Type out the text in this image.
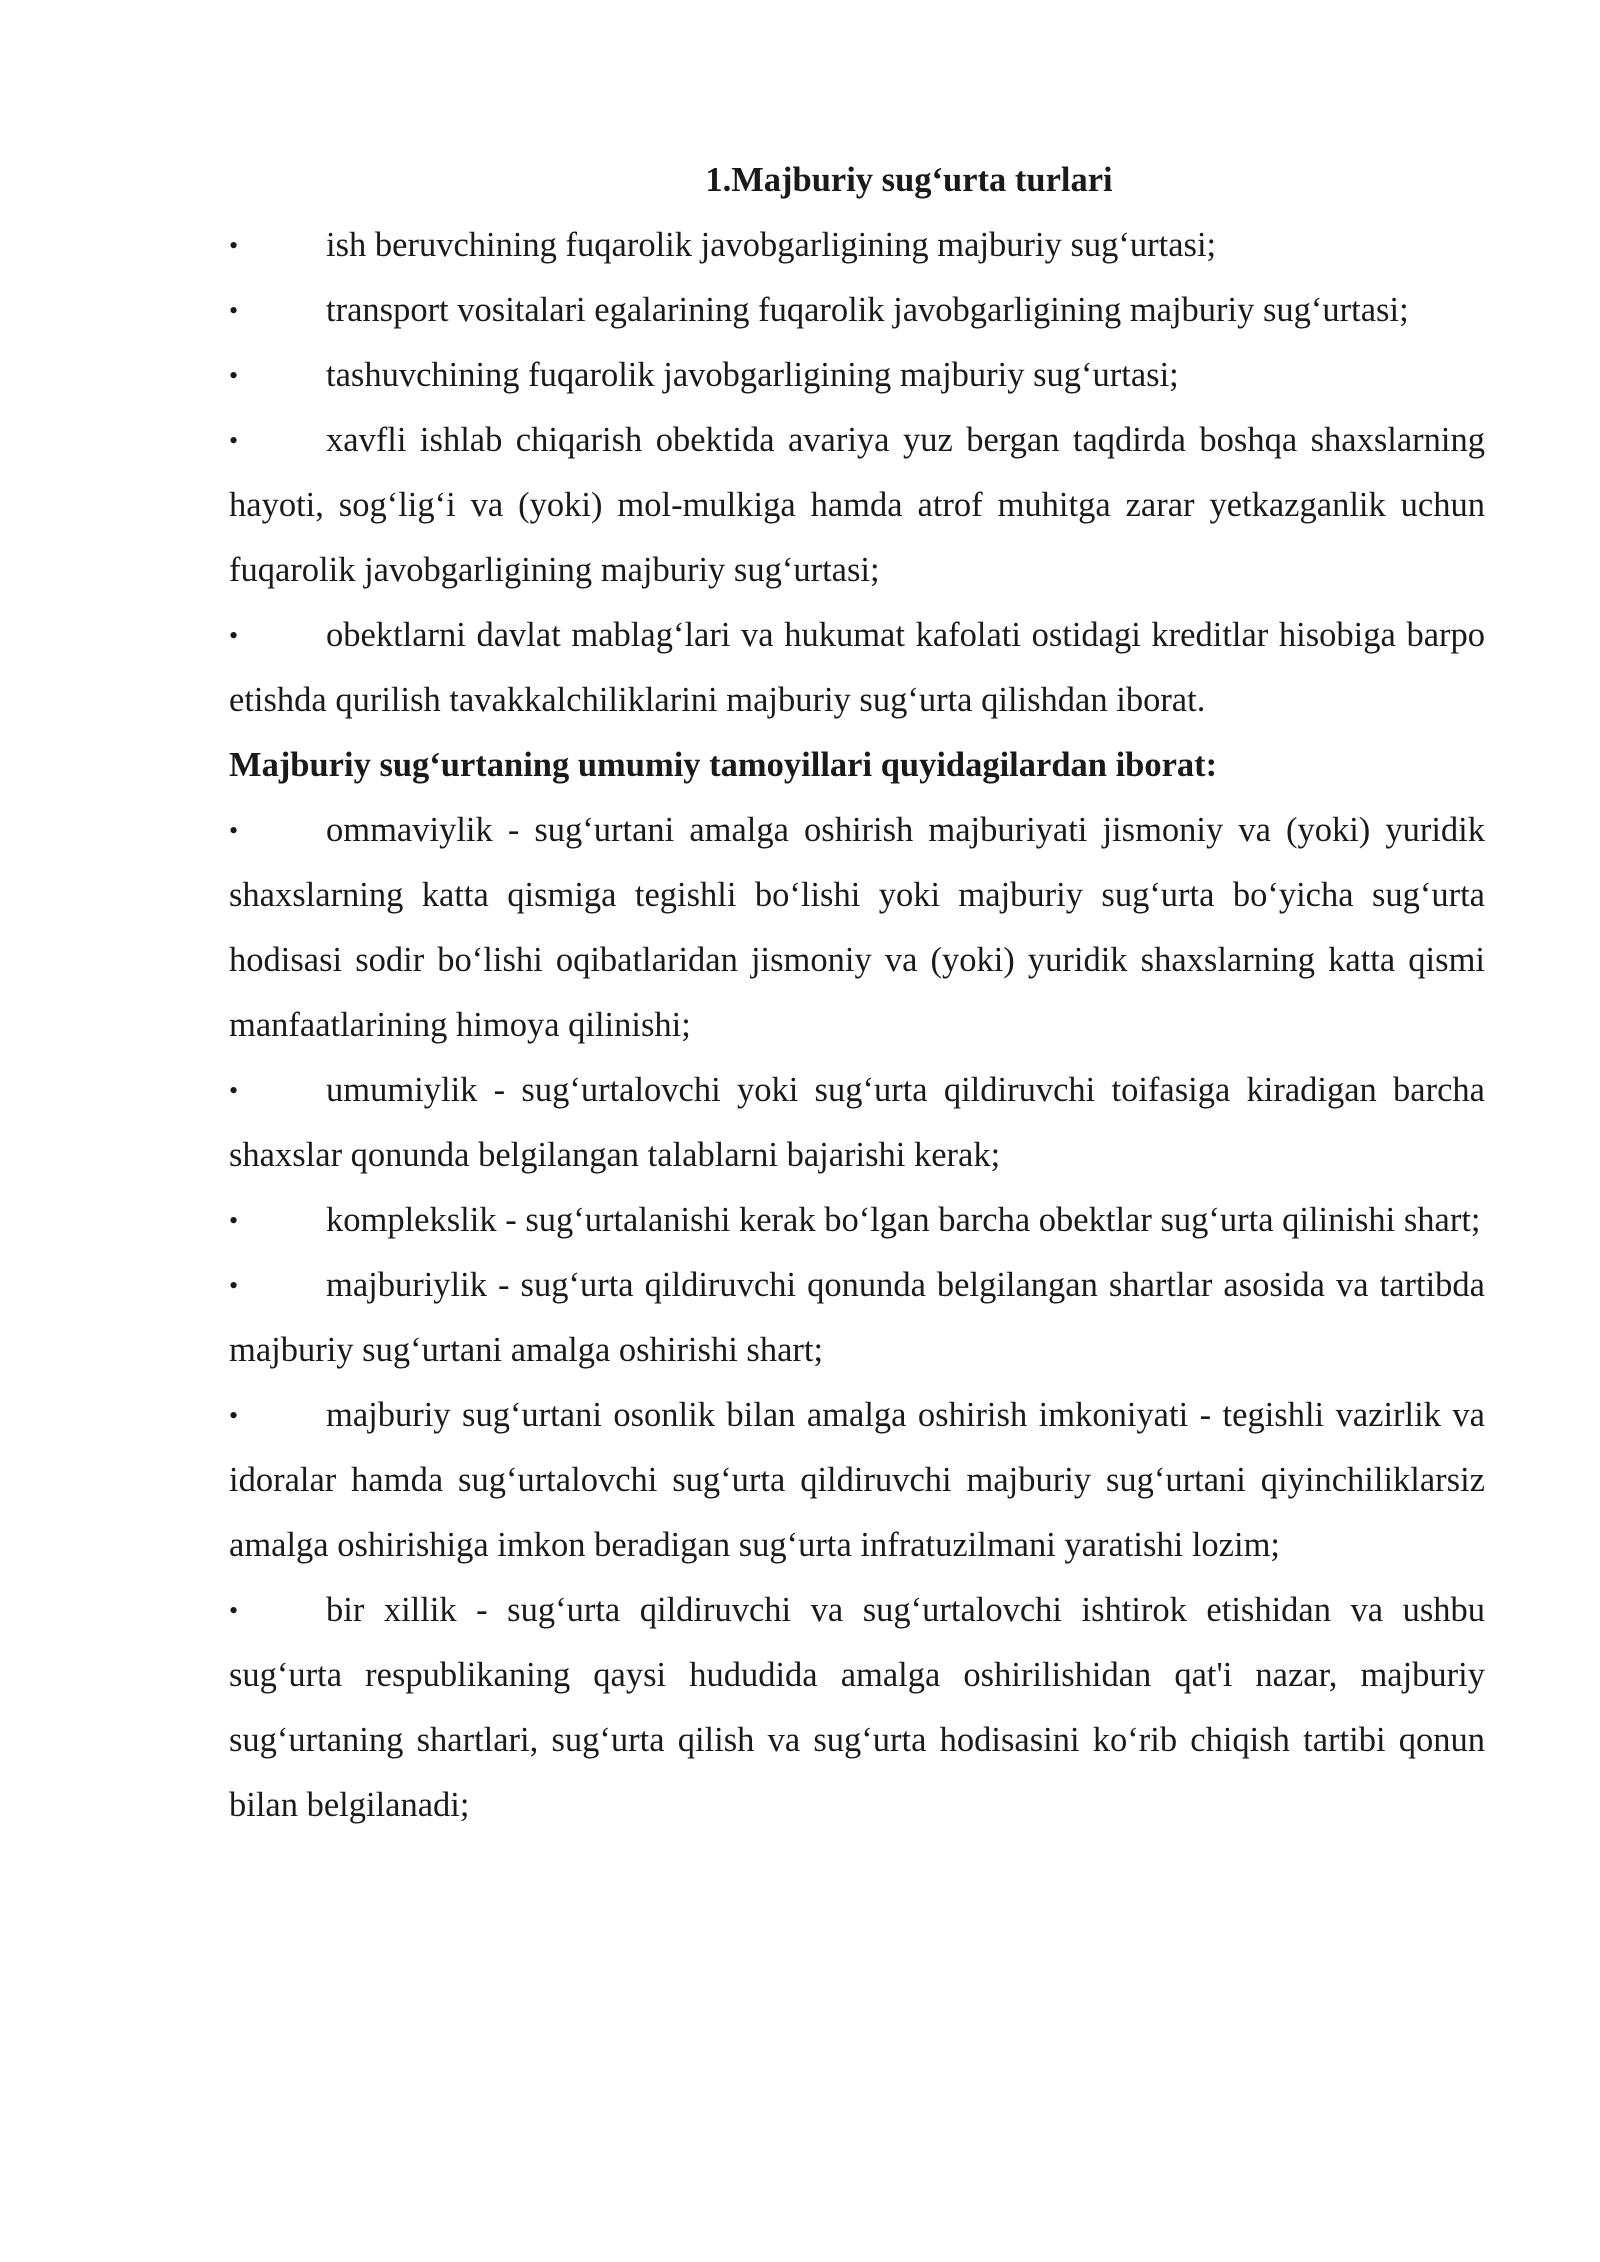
1.Majburiy sug‘urta turlari

•	ish beruvchining fuqarolik javobgarligining majburiy sug‘urtasi;
•	transport vositalari egalarining fuqarolik javobgarligining majburiy sug‘urtasi;
•	tashuvchining fuqarolik javobgarligining majburiy sug‘urtasi;
•	xavfli ishlab chiqarish obektida avariya yuz bergan taqdirda boshqa shaxslarning hayoti, sog‘lig‘i va (yoki) mol-mulkiga hamda atrof muhitga zarar yetkazganlik uchun fuqarolik javobgarligining majburiy sug‘urtasi;
•	obektlarni davlat mablag‘lari va hukumat kafolati ostidagi kreditlar hisobiga barpo etishda qurilish tavakkalchiliklarini majburiy sug‘urta qilishdan iborat.

Majburiy sug‘urtaning umumiy tamoyillari quyidagilardan iborat:

•	ommaviylik - sug‘urtani amalga oshirish majburiyati jismoniy va (yoki) yuridik shaxslarning katta qismiga tegishli bo‘lishi yoki majburiy sug‘urta bo‘yicha sug‘urta hodisasi sodir bo‘lishi oqibatlaridan jismoniy va (yoki) yuridik shaxslarning katta qismi manfaatlarining himoya qilinishi;
•	umumiylik - sug‘urtalovchi yoki sug‘urta qildiruvchi toifasiga kiradigan barcha shaxslar qonunda belgilangan talablarni bajarishi kerak;
•	komplekslik - sug‘urtalanishi kerak bo‘lgan barcha obektlar sug‘urta qilinishi shart;
•	majburiylik - sug‘urta qildiruvchi qonunda belgilangan shartlar asosida va tartibda majburiy sug‘urtani amalga oshirishi shart;
•	majburiy sug‘urtani osonlik bilan amalga oshirish imkoniyati - tegishli vazirlik va idoralar hamda sug‘urtalovchi sug‘urta qildiruvchi majburiy sug‘urtani qiyinchiliklarsiz amalga oshirishiga imkon beradigan sug‘urta infratuzilmani yaratishi lozim;
•	bir xillik - sug‘urta qildiruvchi va sug‘urtalovchi ishtirok etishidan va ushbu sug‘urta respublikaning qaysi hududida amalga oshirilishidan qat'i nazar, majburiy sug‘urtaning shartlari, sug‘urta qilish va sug‘urta hodisasini ko‘rib chiqish tartibi qonun bilan belgilanadi;
